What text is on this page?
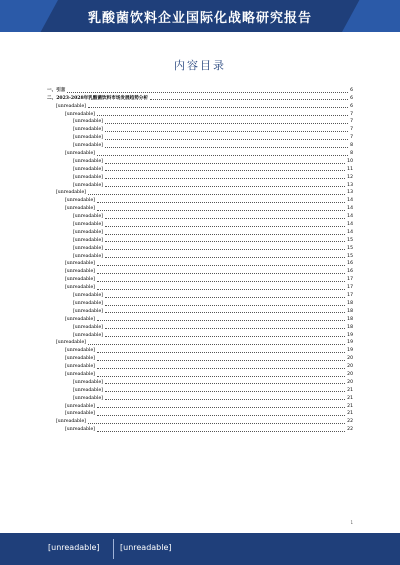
乳酸菌饮料企业国际化战略研究报告
内容目录
一、引言	6
二、2023-2028年乳酸菌饮料市场发展趋势分析	6
[unreadable]	6
[unreadable]	7
[unreadable]	7
[unreadable]	7
[unreadable]	7
[unreadable]	8
[unreadable]	8
[unreadable]	10
[unreadable]	11
[unreadable]	12
[unreadable]	13
[unreadable]	13
[unreadable]	14
[unreadable]	14
[unreadable]	14
[unreadable]	14
[unreadable]	14
[unreadable]	15
[unreadable]	15
[unreadable]	15
[unreadable]	16
[unreadable]	16
[unreadable]	17
[unreadable]	17
[unreadable]	17
[unreadable]	18
[unreadable]	18
[unreadable]	18
[unreadable]	18
[unreadable]	19
[unreadable]	19
[unreadable]	19
[unreadable]	20
[unreadable]	20
[unreadable]	20
[unreadable]	20
[unreadable]	21
[unreadable]	21
[unreadable]	21
[unreadable]	21
[unreadable]	22
[unreadable]	22
1
[unreadable]	[unreadable]
